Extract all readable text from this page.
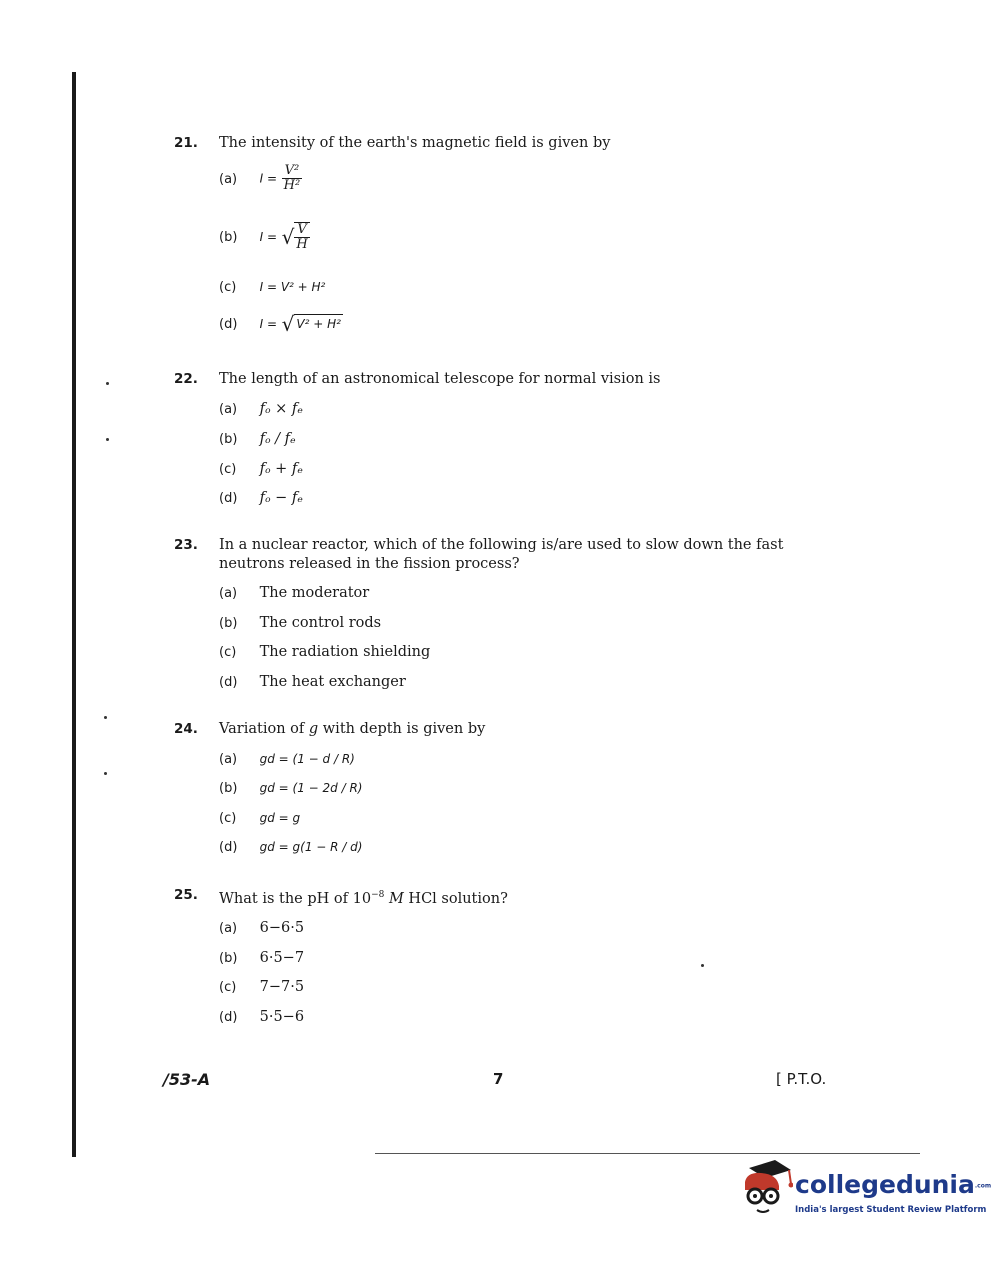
21. The intensity of the earth's magnetic field is given by
(a) $I = \frac{\text{V²}}{\text{H²}}$
(b) I = √ $\frac{V}{H}$
(c) I = V² + H²
(d) I = √ V² + H²
22. The length of an astronomical telescope for normal vision is
(a) fₒ × fₑ
(b) fₒ / fₑ
(c) fₒ + fₑ
(d) fₒ − fₑ
23. In a nuclear reactor, which of the following is/are used to slow down the fast neutrons released in the fission process?
(a) The moderator
(b) The control rods
(c) The radiation shielding
(d) The heat exchanger
24. Variation of g with depth is given by
(a) gd = (1 − d / R)
(b) gd = (1 − 2d / R)
(c) gd = g
(d) gd = g(1 − R / d)
25. What is the pH of $10^{-8}$ M HCl solution?
(a) 6−6·5
(b) 6·5−7
(c) 7−7·5
(d) 5·5−6
/53-A	7	[ P.T.O.
collegedunia.com
India's largest Student Review Platform
